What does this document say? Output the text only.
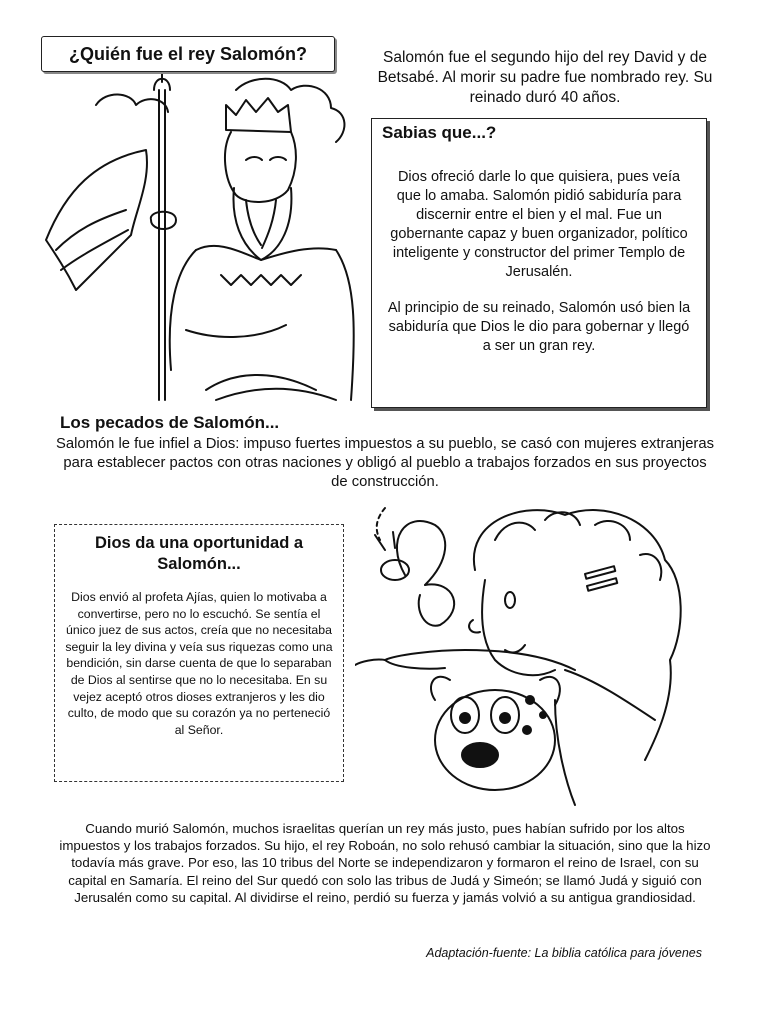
¿Quién fue el rey Salomón?	Salomón fue el segundo hijo del rey David y de Betsabé. Al morir su padre fue nombrado rey. Su reinado duró 40 años.
Sabias que...?

Dios ofreció darle lo que quisiera, pues veía que lo amaba. Salomón pidió sabiduría para discernir entre el bien y el mal. Fue un gobernante capaz y buen organizador, político inteligente y constructor del primer Templo de Jerusalén.

Al principio de su reinado, Salomón usó bien la sabiduría que Dios le dio para gobernar y llegó a ser un gran rey.

Los pecados de Salomón...
Salomón le fue infiel a Dios: impuso fuertes impuestos a su pueblo, se casó con mujeres extranjeras para establecer pactos con otras naciones y obligó al pueblo a trabajos forzados en sus proyectos de construcción.
Dios da una oportunidad a Salomón...

Dios envió al profeta Ajías, quien lo motivaba a convertirse, pero no lo escuchó. Se sentía el único juez de sus actos, creía que no necesitaba seguir la ley divina y veía sus riquezas como una bendición, sin darse cuenta de que lo separaban de Dios al sentirse que no lo necesitaba. En su vejez aceptó otros dioses extranjeros y les dio culto, de modo que su corazón ya no perteneció al Señor.

Cuando murió Salomón, muchos israelitas querían un rey más justo, pues habían sufrido por los altos impuestos y los trabajos forzados. Su hijo, el rey Roboán, no solo rehusó cambiar la situación, sino que la hizo todavía más grave. Por eso, las 10 tribus del Norte se independizaron y formaron el reino de Israel, con su capital en Samaría. El reino del Sur quedó con solo las tribus de Judá y Simeón; se llamó Judá y siguió con Jerusalén como su capital. Al dividirse el reino, perdió su fuerza y jamás volvió a su antigua grandiosidad.
Adaptación-fuente: La biblia católica para jóvenes
